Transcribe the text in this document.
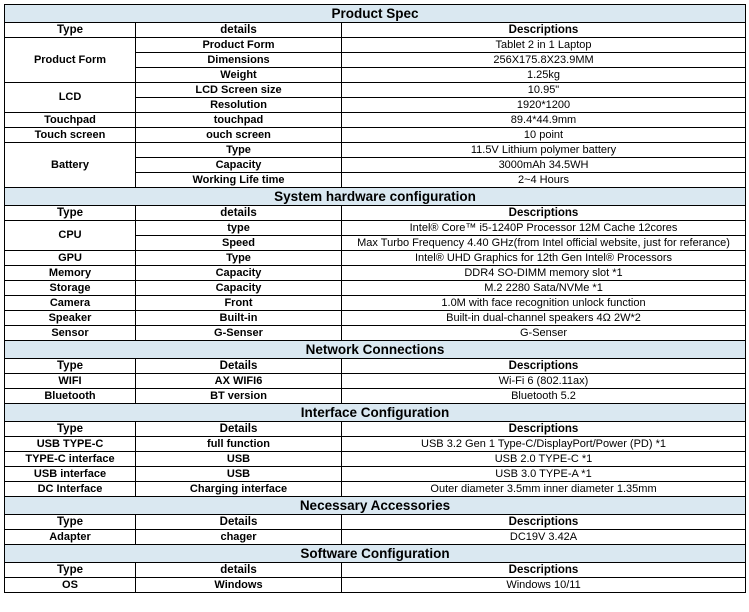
Product Spec		
Type	details	Descriptions
Product Form	Product Form	Tablet 2 in 1 Laptop
	Dimensions	256X175.8X23.9MM
	Weight	1.25kg
LCD	LCD Screen size	10.95"
	Resolution	1920*1200
Touchpad	touchpad	89.4*44.9mm
Touch screen	ouch screen	10 point
Battery	Type	11.5V Lithium polymer battery
	Capacity	3000mAh 34.5WH
	Working Life time	2~4 Hours
System hardware configuration		
Type	details	Descriptions
CPU	type	Intel® Core™ i5-1240P Processor 12M Cache 12cores
	Speed	Max Turbo Frequency 4.40 GHz(from Intel official website, just for referance)
GPU	Type	Intel® UHD Graphics for 12th Gen Intel® Processors
Memory	Capacity	DDR4 SO-DIMM memory slot *1
Storage	Capacity	M.2 2280 Sata/NVMe *1
Camera	Front	1.0M with face recognition unlock function
Speaker	Built-in	Built-in dual-channel speakers 4Ω 2W*2
Sensor	G-Senser	G-Senser
Network Connections		
Type	Details	Descriptions
WIFI	AX WIFI6	Wi-Fi 6 (802.11ax)
Bluetooth	BT version	Bluetooth 5.2
Interface Configuration		
Type	Details	Descriptions
USB TYPE-C	full function	USB 3.2 Gen 1 Type-C/DisplayPort/Power (PD) *1
TYPE-C interface	USB	USB 2.0 TYPE-C *1
USB interface	USB	USB 3.0 TYPE-A *1
DC Interface	Charging interface	Outer diameter 3.5mm inner diameter 1.35mm
Necessary Accessories		
Type	Details	Descriptions
Adapter	chager	DC19V 3.42A
Software Configuration		
Type	details	Descriptions
OS	Windows	Windows 10/11
